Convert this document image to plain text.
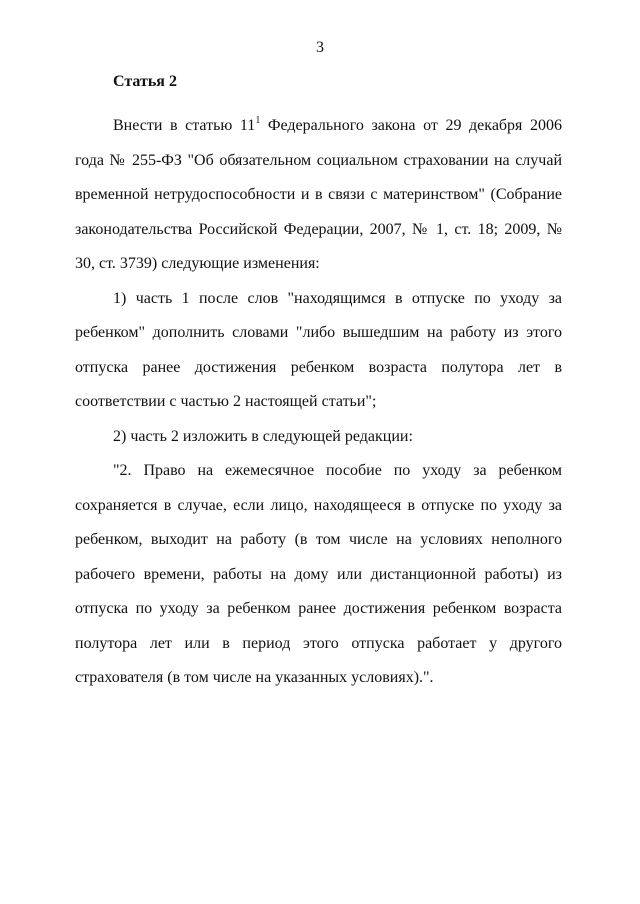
3

Статья 2

Внести в статью 11$^1$ Федерального закона от 29 декабря 2006 года № 255-ФЗ "Об обязательном социальном страховании на случай временной нетрудоспособности и в связи с материнством" (Собрание законодательства Российской Федерации, 2007, № 1, ст. 18; 2009, № 30, ст. 3739) следующие изменения:

1) часть 1 после слов "находящимся в отпуске по уходу за ребенком" дополнить словами "либо вышедшим на работу из этого отпуска ранее достижения ребенком возраста полутора лет в соответствии с частью 2 настоящей статьи";

2) часть 2 изложить в следующей редакции:

"2. Право на ежемесячное пособие по уходу за ребенком сохраняется в случае, если лицо, находящееся в отпуске по уходу за ребенком, выходит на работу (в том числе на условиях неполного рабочего времени, работы на дому или дистанционной работы) из отпуска по уходу за ребенком ранее достижения ребенком возраста полутора лет или в период этого отпуска работает у другого страхователя (в том числе на указанных условиях).".
